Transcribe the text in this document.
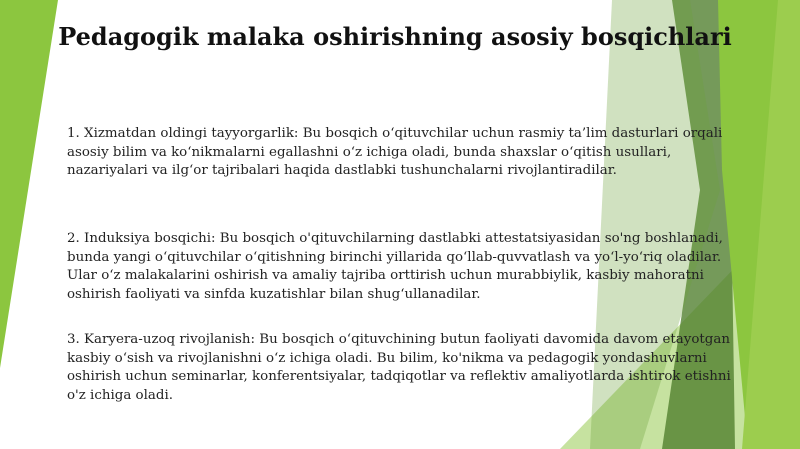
Pedagogik malaka oshirishning asosiy bosqichlari

1. Xizmatdan oldingi tayyorgarlik: Bu bosqich o‘qituvchilar uchun rasmiy ta’lim dasturlari orqali asosiy bilim va ko‘nikmalarni egallashni o‘z ichiga oladi, bunda shaxslar o‘qitish usullari, nazariyalari va ilg‘or tajribalari haqida dastlabki tushunchalarni rivojlantiradilar.

2. Induksiya bosqichi: Bu bosqich o'qituvchilarning dastlabki attestatsiyasidan so'ng boshlanadi, bunda yangi o‘qituvchilar o‘qitishning birinchi yillarida qo‘llab-quvvatlash va yo‘l-yo‘riq oladilar. Ular o‘z malakalarini oshirish va amaliy tajriba orttirish uchun murabbiylik, kasbiy mahoratni oshirish faoliyati va sinfda kuzatishlar bilan shug‘ullanadilar.

3. Karyera-uzoq rivojlanish: Bu bosqich o‘qituvchining butun faoliyati davomida davom etayotgan kasbiy o‘sish va rivojlanishni o‘z ichiga oladi. Bu bilim, ko'nikma va pedagogik yondashuvlarni oshirish uchun seminarlar, konferentsiyalar, tadqiqotlar va reflektiv amaliyotlarda ishtirok etishni o'z ichiga oladi.
